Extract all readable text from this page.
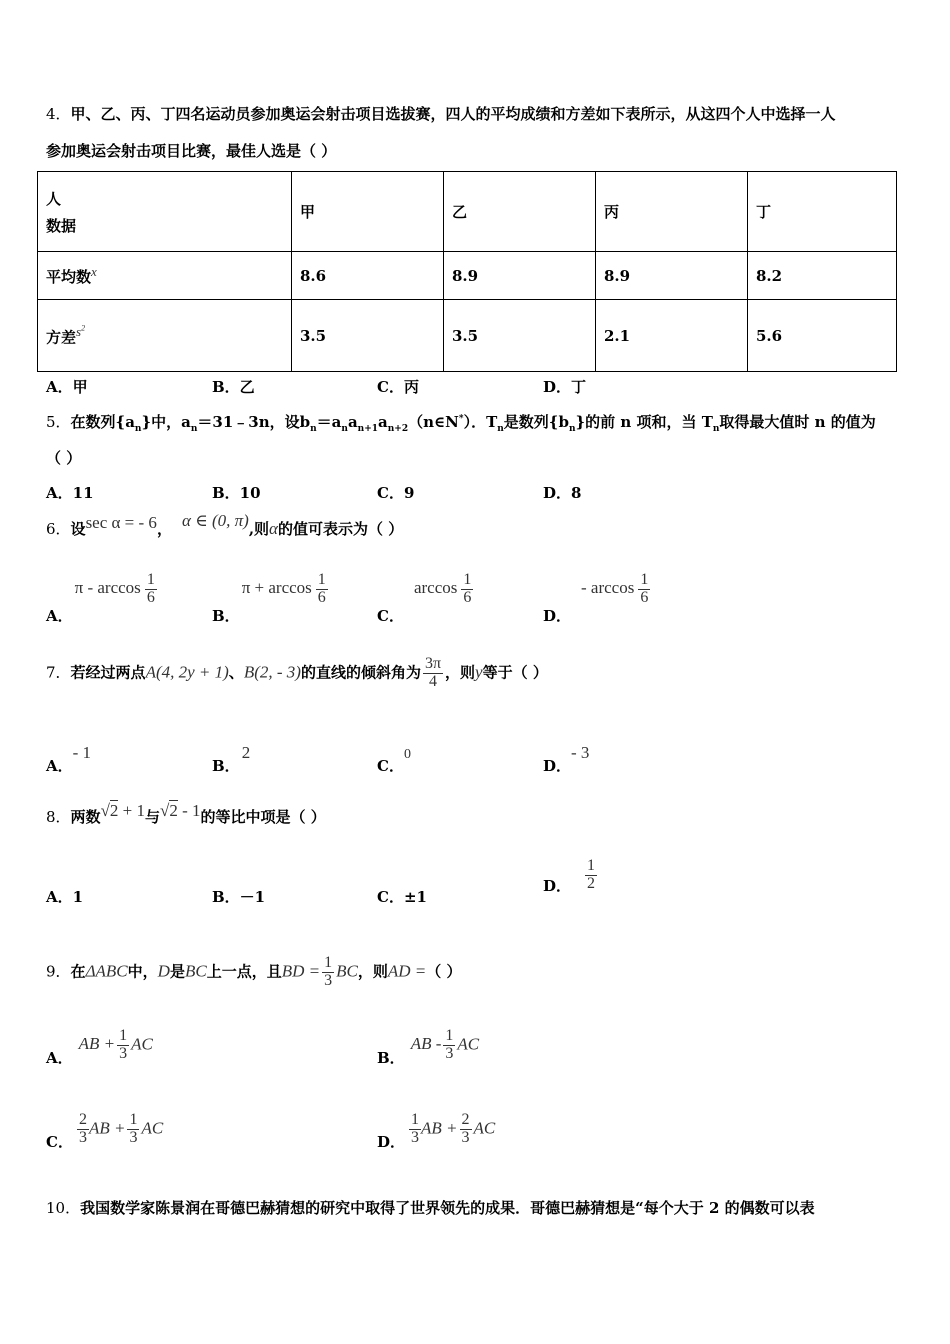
4．甲、乙、丙、丁四名运动员参加奥运会射击项目选拔赛，四人的平均成绩和方差如下表所示，从这四个人中选择一人
参加奥运会射击项目比赛，最佳人选是（ ）
人
数据	甲	乙	丙	丁
平均数$^x$	8.6	8.9	8.9	8.2
方差$^{s^2}$	3.5	3.5	2.1	5.6
A．甲	B．乙	C．丙	D．丁
5．在数列$\{a_n\}$中，$a_n=31﹣3n$，设$b_n=a_na_{n+1}a_{n+2}(n\in N^*)$．$T_n$是数列$\{b_n\}$的前 n 项和，当 $T_n$取得最大值时 n 的值为
（ ）
A．11	B．10	C．9	D．8
6．设sec α = - 6， α ∈ (0, π),则α的值可表示为（ ）
A．π - $\arccos \frac{1}{6}$
B．$\pi + \arccos \frac{1}{6}$
C．$\arccos \frac{1}{6}$
D．- $\arccos \frac{1}{6}$
7．若经过两点A(4, 2y + 1)、B(2, - 3)的直线的倾斜角为 $\frac{3\pi}{4}$ ，则y等于（ ）
A．- 1
B．2
C．0
D．- 3
8．两数√2 + 1与√2 - 1的等比中项是（ ）
A．1	B．－1	C．±1
D． $\frac{1}{2}$
9．在ΔABC中，D是BC上一点，且BD = $\frac{1}{3}$ BC，则AD =（ ）
A．AB + $\frac{1}{3}$ AC
B．AB - $\frac{1}{3}$ AC
C． $\frac{2}{3}$ AB + $\frac{1}{3}$ AC
D． $\frac{1}{3}$ AB + $\frac{2}{3}$ AC
10．我国数学家陈景润在哥德巴赫猜想的研究中取得了世界领先的成果．哥德巴赫猜想是“每个大于 2 的偶数可以表
